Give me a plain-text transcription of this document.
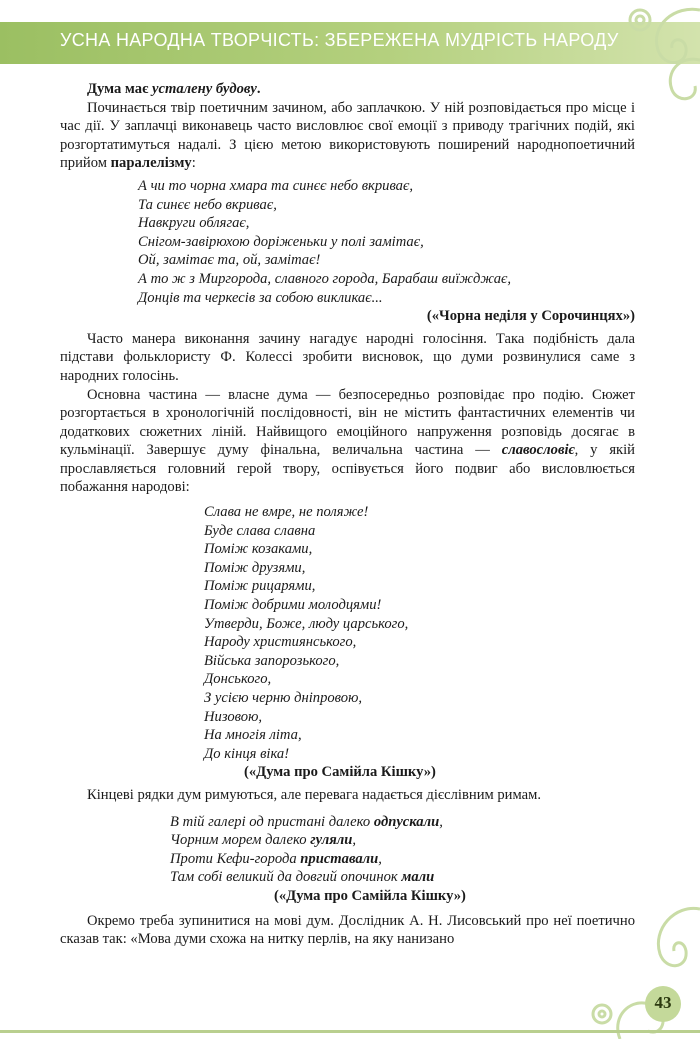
УСНА НАРОДНА ТВОРЧІСТЬ: ЗБЕРЕЖЕНА МУДРІСТЬ НАРОДУ

Дума має усталену будову.

Починається твір поетичним зачином, або заплачкою. У ній розповідається про місце і час дії. У заплачці виконавець часто висловлює свої емоції з приводу трагічних подій, які розгортатимуться надалі. З цією метою використовують поширений народнопоетичний прийом паралелізму:

А чи то чорна хмара та синєє небо вкриває,
Та синєє небо вкриває,
Навкруги облягає,
Снігом-завірюхою доріженьки у полі замітає,
Ой, замітає та, ой, замітає!
А то ж з Миргорода, славного города, Барабаш виїжджає,
Донців та черкесів за собою викликає...
(«Чорна неділя у Сорочинцях»)

Часто манера виконання зачину нагадує народні голосіння. Така подібність дала підстави фольклористу Ф. Колессі зробити висновок, що думи розвинулися саме з народних голосінь.

Основна частина — власне дума — безпосередньо розповідає про подію. Сюжет розгортається в хронологічній послідовності, він не містить фантастичних елементів чи додаткових сюжетних ліній. Найвищого емоційного напруження розповідь досягає в кульмінації. Завершує думу фінальна, величальна частина — славословіє, у якій прославляється головний герой твору, оспівується його подвиг або висловлюється побажання народові:

Слава не вмре, не поляже!
Буде слава славна
Поміж козаками,
Поміж друзями,
Поміж рицарями,
Поміж добрими молодцями!
Утверди, Боже, люду царського,
Народу християнського,
Війська запорозького,
Донського,
З усією черню дніпровою,
Низовою,
На многія літа,
До кінця віка!
(«Дума про Самійла Кішку»)

Кінцеві рядки дум римуються, але перевага надається дієслівним римам.

В тій галері од пристані далеко одпускали,
Чорним морем далеко гуляли,
Проти Кефи-города приставали,
Там собі великий да довгий опочинок мали
(«Дума про Самійла Кішку»)

Окремо треба зупинитися на мові дум. Дослідник А. Н. Лисовський про неї поетично сказав так: «Мова думи схожа на нитку перлів, на яку нанизано

43
